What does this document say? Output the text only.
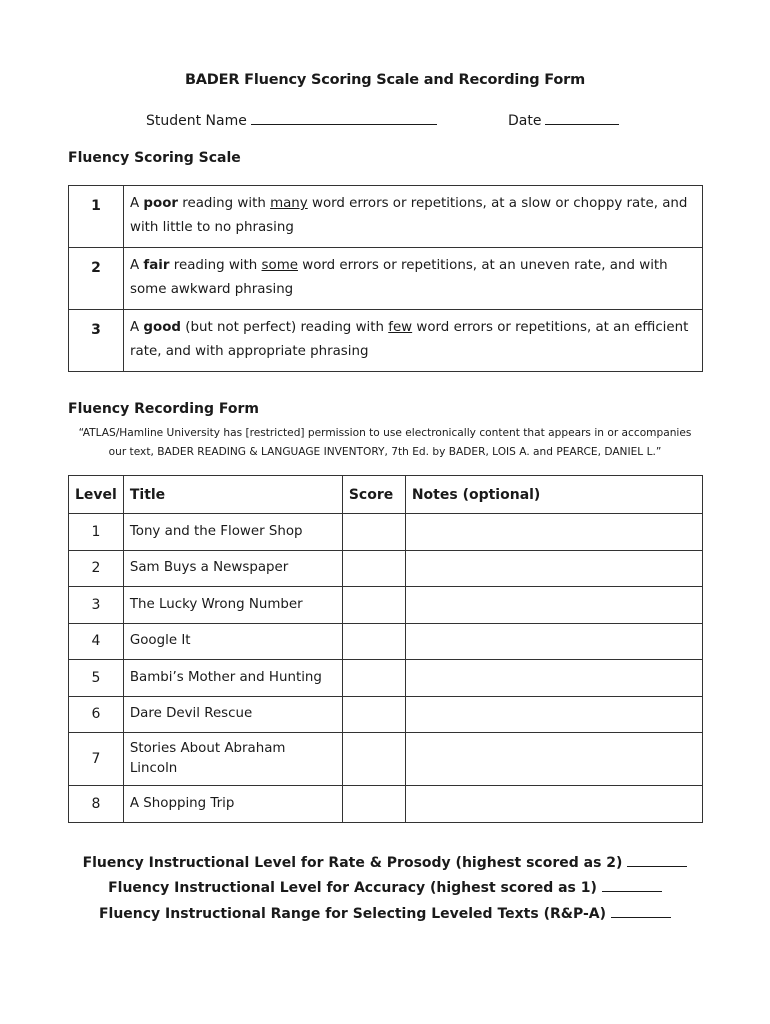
BADER Fluency Scoring Scale and Recording Form
Student Name	Date
Fluency Scoring Scale
1	A poor reading with many word errors or repetitions, at a slow or choppy rate, and with little to no phrasing
2	A fair reading with some word errors or repetitions, at an uneven rate, and with some awkward phrasing
3	A good (but not perfect) reading with few word errors or repetitions, at an efficient rate, and with appropriate phrasing
Fluency Recording Form
“ATLAS/Hamline University has [restricted] permission to use electronically content that appears in or accompanies
our text, BADER READING & LANGUAGE INVENTORY, 7th Ed. by BADER, LOIS A. and PEARCE, DANIEL L.”
Level	Title	Score	Notes (optional)
1	Tony and the Flower Shop		
2	Sam Buys a Newspaper		
3	The Lucky Wrong Number		
4	Google It		
5	Bambi’s Mother and Hunting		
6	Dare Devil Rescue		
7	Stories About Abraham Lincoln		
8	A Shopping Trip		
Fluency Instructional Level for Rate & Prosody (highest scored as 2)
Fluency Instructional Level for Accuracy (highest scored as 1)
Fluency Instructional Range for Selecting Leveled Texts (R&P-A)
